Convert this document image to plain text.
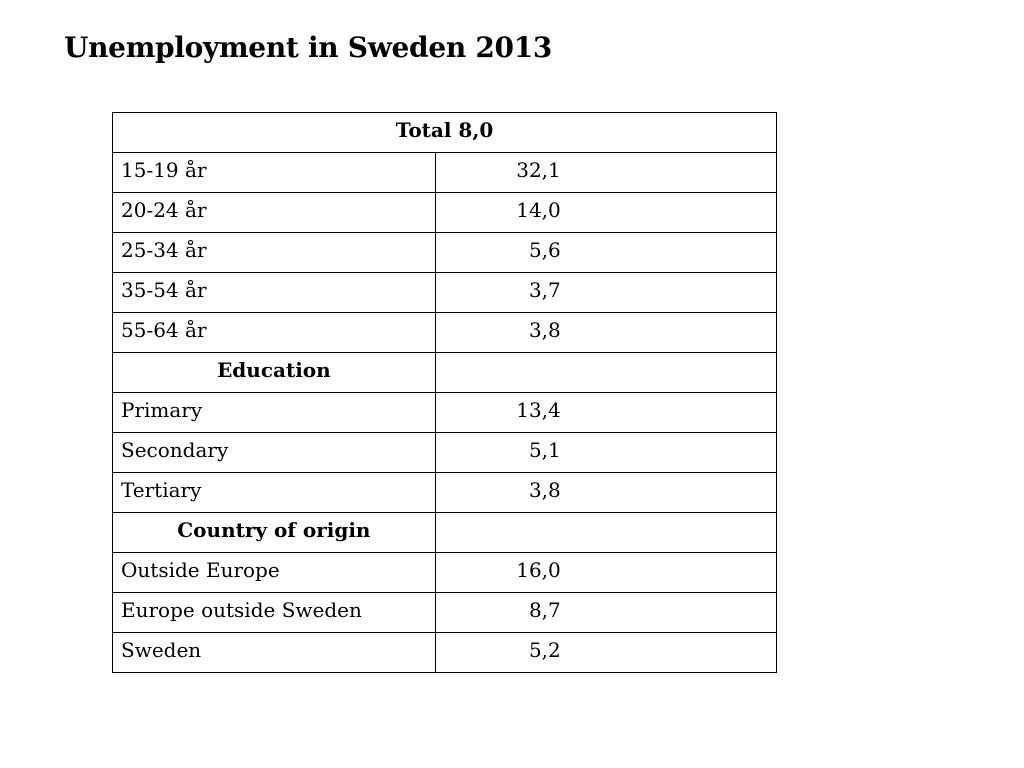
Unemployment in Sweden 2013
Total 8,0	
15-19 år	32,1
20-24 år	14,0
25-34 år	5,6
35-54 år	3,7
55-64 år	3,8
Education	
Primary	13,4
Secondary	5,1
Tertiary	3,8
Country of origin	
Outside Europe	16,0
Europe outside Sweden	8,7
Sweden	5,2
